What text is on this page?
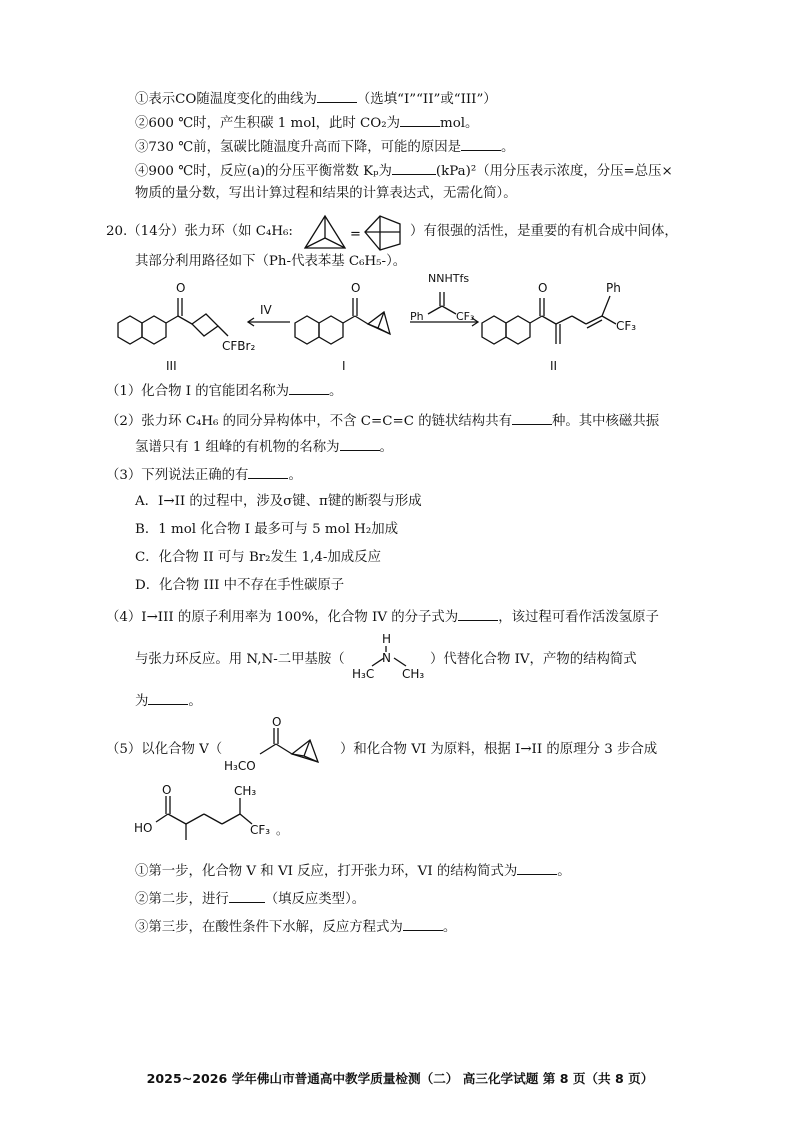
①表示CO随温度变化的曲线为	（选填“I”“II”或“III”）
②600 ℃时，产生积碳 1 mol，此时 CO₂为	mol。
③730 ℃前，氢碳比随温度升高而下降，可能的原因是	。
④900 ℃时，反应(a)的分压平衡常数 Kₚ为	(kPa)²（用分压表示浓度，分压=总压×
物质的量分数，写出计算过程和结果的计算表达式，无需化简）。
20.（14分）张力环（如 C₄H₆:	=	）有很强的活性，是重要的有机合成中间体，
其部分利用路径如下（Ph-代表苯基 C₆H₅-）。
O
CFBr₂
IV
O
NNHTfs
Ph	CF₃
O	Ph
CF₃
III	I	II
（1）化合物 I 的官能团名称为	。
（2）张力环 C₄H₆ 的同分异构体中，不含 C=C=C 的链状结构共有	种。其中核磁共振
氢谱只有 1 组峰的有机物的名称为	。
（3）下列说法正确的有	。
A．I→II 的过程中，涉及σ键、π键的断裂与形成
B．1 mol 化合物 I 最多可与 5 mol H₂加成
C．化合物 II 可与 Br₂发生 1,4-加成反应
D．化合物 III 中不存在手性碳原子
（4）I→III 的原子利用率为 100%，化合物 IV 的分子式为	，该过程可看作活泼氢原子
与张力环反应。用 N,N-二甲基胺（
H
N
H₃C CH₃
）代替化合物 IV，产物的结构简式
为	。
（5）以化合物 V（
O
H₃CO
）和化合物 VI 为原料，根据 I→II 的原理分 3 步合成
O
HO
CH₃
CF₃ 。
①第一步，化合物 V 和 VI 反应，打开张力环，VI 的结构简式为	。
②第二步，进行	（填反应类型）。
③第三步，在酸性条件下水解，反应方程式为	。
2025~2026 学年佛山市普通高中教学质量检测（二） 高三化学试题 第 8 页（共 8 页）
